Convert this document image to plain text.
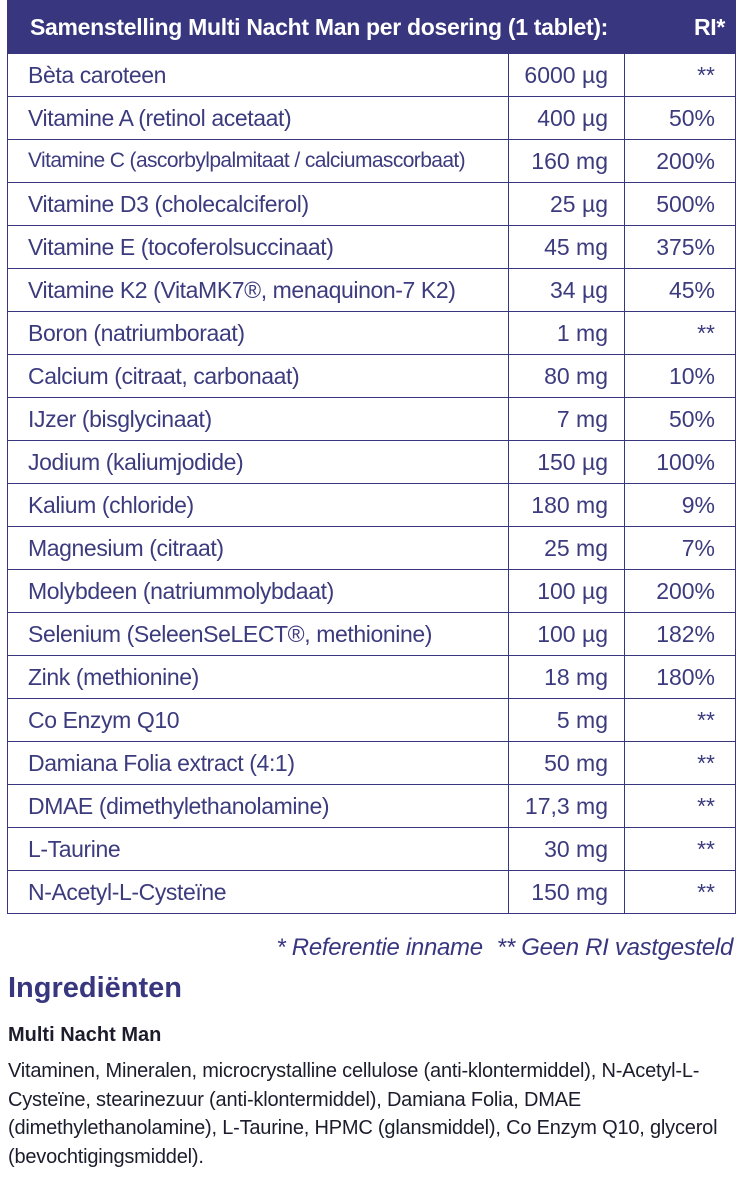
Samenstelling Multi Nacht Man per dosering (1 tablet):		RI*
Bèta caroteen	6000 µg	**
Vitamine A (retinol acetaat)	400 µg	50%
Vitamine C (ascorbylpalmitaat / calciumascorbaat)	160 mg	200%
Vitamine D3 (cholecalciferol)	25 µg	500%
Vitamine E (tocoferolsuccinaat)	45 mg	375%
Vitamine K2 (VitaMK7®, menaquinon-7 K2)	34 µg	45%
Boron (natriumboraat)	1 mg	**
Calcium (citraat, carbonaat)	80 mg	10%
IJzer (bisglycinaat)	7 mg	50%
Jodium (kaliumjodide)	150 µg	100%
Kalium (chloride)	180 mg	9%
Magnesium (citraat)	25 mg	7%
Molybdeen (natriummolybdaat)	100 µg	200%
Selenium (SeleenSeLECT®, methionine)	100 µg	182%
Zink (methionine)	18 mg	180%
Co Enzym Q10	5 mg	**
Damiana Folia extract (4:1)	50 mg	**
DMAE (dimethylethanolamine)	17,3 mg	**
L-Taurine	30 mg	**
N-Acetyl-L-Cysteïne	150 mg	**
* Referentie inname ** Geen RI vastgesteld
Ingrediënten
Multi Nacht Man
Vitaminen, Mineralen, microcrystalline cellulose (anti-klontermiddel), N-Acetyl-L-Cysteïne, stearinezuur (anti-klontermiddel), Damiana Folia, DMAE (dimethylethanolamine), L-Taurine, HPMC (glansmiddel), Co Enzym Q10, glycerol (bevochtigingsmiddel).
